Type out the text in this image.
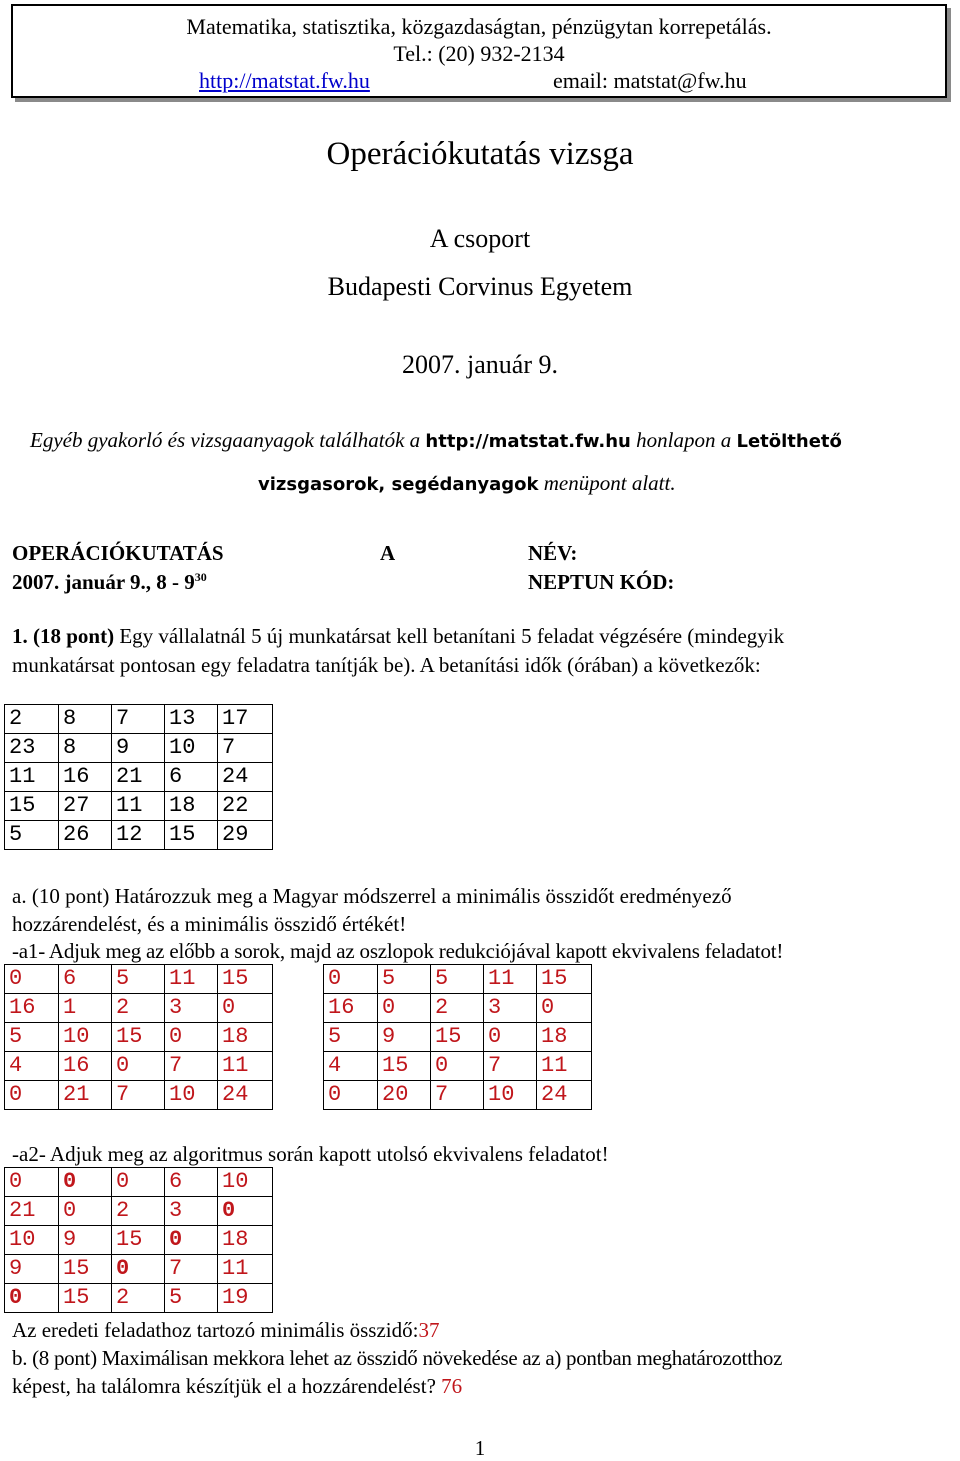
Matematika, statisztika, közgazdaságtan, pénzügytan korrepetálás.
Tel.: (20) 932-2134
http://matstat.fw.hu	email: matstat@fw.hu
Operációkutatás vizsga
A csoport
Budapesti Corvinus Egyetem
2007. január 9.
Egyéb gyakorló és vizsgaanyagok találhatók a http://matstat.fw.hu honlapon a Letölthető
vizsgasorok, segédanyagok menüpont alatt.
OPERÁCIÓKUTATÁS	A	NÉV:
2007. január 9., $8 - 9^{30}$	NEPTUN KÓD:
1. (18 pont) Egy vállalatnál 5 új munkatársat kell betanítani 5 feladat végzésére (mindegyik
munkatársat pontosan egy feladatra tanítják be). A betanítási idők (órában) a következők:
2	8	7	13	17
23	8	9	10	7
11	16	21	6	24
15	27	11	18	22
5	26	12	15	29
a. (10 pont) Határozzuk meg a Magyar módszerrel a minimális összidőt eredményező
hozzárendelést, és a minimális összidő értékét!
-a1- Adjuk meg az előbb a sorok, majd az oszlopok redukciójával kapott ekvivalens feladatot!
0	6	5	11	15
16	1	2	3	0
5	10	15	0	18
4	16	0	7	11
0	21	7	10	24
0	5	5	11	15
16	0	2	3	0
5	9	15	0	18
4	15	0	7	11
0	20	7	10	24
-a2- Adjuk meg az algoritmus során kapott utolsó ekvivalens feladatot!
0	0	0	6	10
21	0	2	3	0
10	9	15	0	18
9	15	0	7	11
0	15	2	5	19
Az eredeti feladathoz tartozó minimális összidő:37
b. (8 pont) Maximálisan mekkora lehet az összidő növekedése az a) pontban meghatározotthoz
képest, ha találomra készítjük el a hozzárendelést? 76
1
